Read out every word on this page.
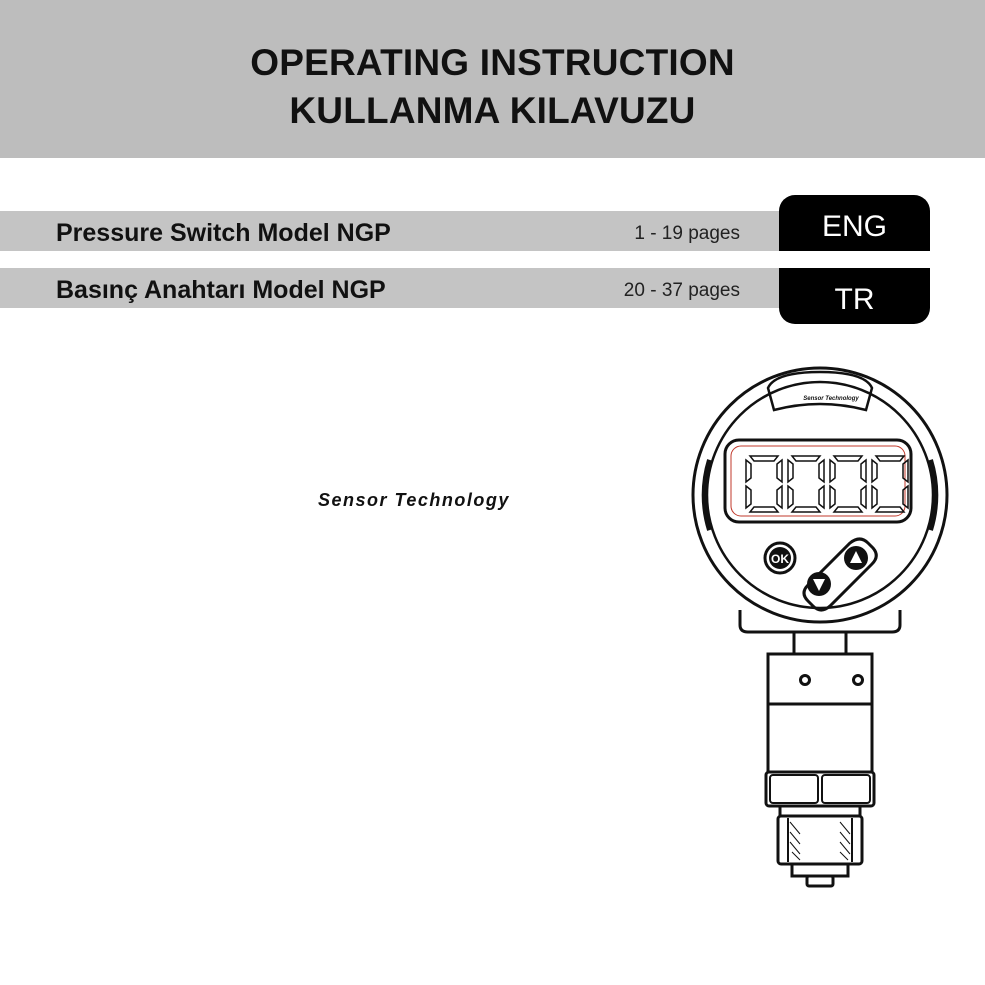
OPERATING INSTRUCTION
KULLANMA KILAVUZU
Pressure Switch Model NGP	1 - 19 pages	ENG
Basınç Anahtarı Model NGP	20 - 37 pages	TR
Sensor Technology
Sensor Technology
OK
